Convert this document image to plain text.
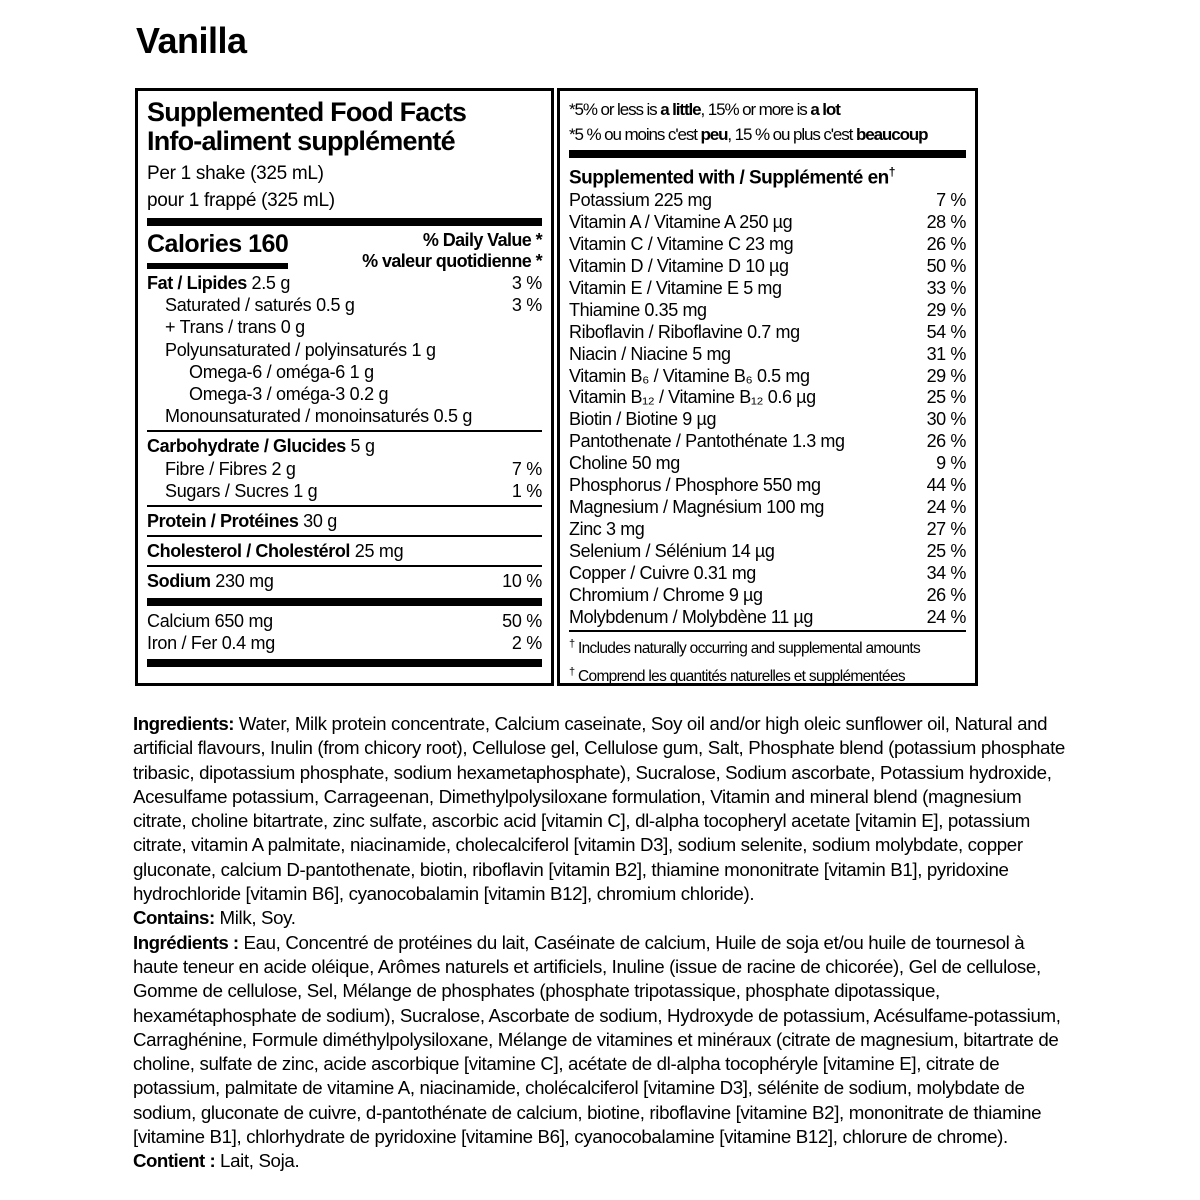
Vanilla
Supplemented Food Facts
Info-aliment supplémenté
Per 1 shake (325 mL)
pour 1 frappé (325 mL)
Calories 160	% Daily Value *
% valeur quotidienne *
Fat / Lipides 2.5 g	3 %
Saturated / saturés 0.5 g	3 %
+ Trans / trans 0 g
Polyunsaturated / polyinsaturés 1 g
Omega-6 / oméga-6 1 g
Omega-3 / oméga-3 0.2 g
Monounsaturated / monoinsaturés 0.5 g
Carbohydrate / Glucides 5 g
Fibre / Fibres 2 g	7 %
Sugars / Sucres 1 g	1 %
Protein / Protéines 30 g
Cholesterol / Cholestérol 25 mg
Sodium 230 mg	10 %
Calcium 650 mg	50 %
Iron / Fer 0.4 mg	2 %
*5% or less is a little, 15% or more is a lot
*5 % ou moins c'est peu, 15 % ou plus c'est beaucoup
Supplemented with / Supplémenté en†
Potassium 225 mg	7 %
Vitamin A / Vitamine A 250 µg	28 %
Vitamin C / Vitamine C 23 mg	26 %
Vitamin D / Vitamine D 10 µg	50 %
Vitamin E / Vitamine E 5 mg	33 %
Thiamine 0.35 mg	29 %
Riboflavin / Riboflavine 0.7 mg	54 %
Niacin / Niacine 5 mg	31 %
Vitamin B₆ / Vitamine B₆ 0.5 mg	29 %
Vitamin B₁₂ / Vitamine B₁₂ 0.6 µg	25 %
Biotin / Biotine 9 µg	30 %
Pantothenate / Pantothénate 1.3 mg	26 %
Choline 50 mg	9 %
Phosphorus / Phosphore 550 mg	44 %
Magnesium / Magnésium 100 mg	24 %
Zinc 3 mg	27 %
Selenium / Sélénium 14 µg	25 %
Copper / Cuivre 0.31 mg	34 %
Chromium / Chrome 9 µg	26 %
Molybdenum / Molybdène 11 µg	24 %
† Includes naturally occurring and supplemental amounts
† Comprend les quantités naturelles et supplémentées

Ingredients: Water, Milk protein concentrate, Calcium caseinate, Soy oil and/or high oleic sunflower oil, Natural and artificial flavours, Inulin (from chicory root), Cellulose gel, Cellulose gum, Salt, Phosphate blend (potassium phosphate tribasic, dipotassium phosphate, sodium hexametaphosphate), Sucralose, Sodium ascorbate, Potassium hydroxide, Acesulfame potassium, Carrageenan, Dimethylpolysiloxane formulation, Vitamin and mineral blend (magnesium citrate, choline bitartrate, zinc sulfate, ascorbic acid [vitamin C], dl-alpha tocopheryl acetate [vitamin E], potassium citrate, vitamin A palmitate, niacinamide, cholecalciferol [vitamin D3], sodium selenite, sodium molybdate, copper gluconate, calcium D-pantothenate, biotin, riboflavin [vitamin B2], thiamine mononitrate [vitamin B1], pyridoxine hydrochloride [vitamin B6], cyanocobalamin [vitamin B12], chromium chloride).

Contains: Milk, Soy.

Ingrédients : Eau, Concentré de protéines du lait, Caséinate de calcium, Huile de soja et/ou huile de tournesol à haute teneur en acide oléique, Arômes naturels et artificiels, Inuline (issue de racine de chicorée), Gel de cellulose, Gomme de cellulose, Sel, Mélange de phosphates (phosphate tripotassique, phosphate dipotassique, hexamétaphosphate de sodium), Sucralose, Ascorbate de sodium, Hydroxyde de potassium, Acésulfame-potassium, Carraghénine, Formule diméthylpolysiloxane, Mélange de vitamines et minéraux (citrate de magnesium, bitartrate de choline, sulfate de zinc, acide ascorbique [vitamine C], acétate de dl-alpha tocophéryle [vitamine E], citrate de potassium, palmitate de vitamine A, niacinamide, cholécalciferol [vitamine D3], sélénite de sodium, molybdate de sodium, gluconate de cuivre, d-pantothénate de calcium, biotine, riboflavine [vitamine B2], mononitrate de thiamine [vitamine B1], chlorhydrate de pyridoxine [vitamine B6], cyanocobalamine [vitamine B12], chlorure de chrome).

Contient : Lait, Soja.
